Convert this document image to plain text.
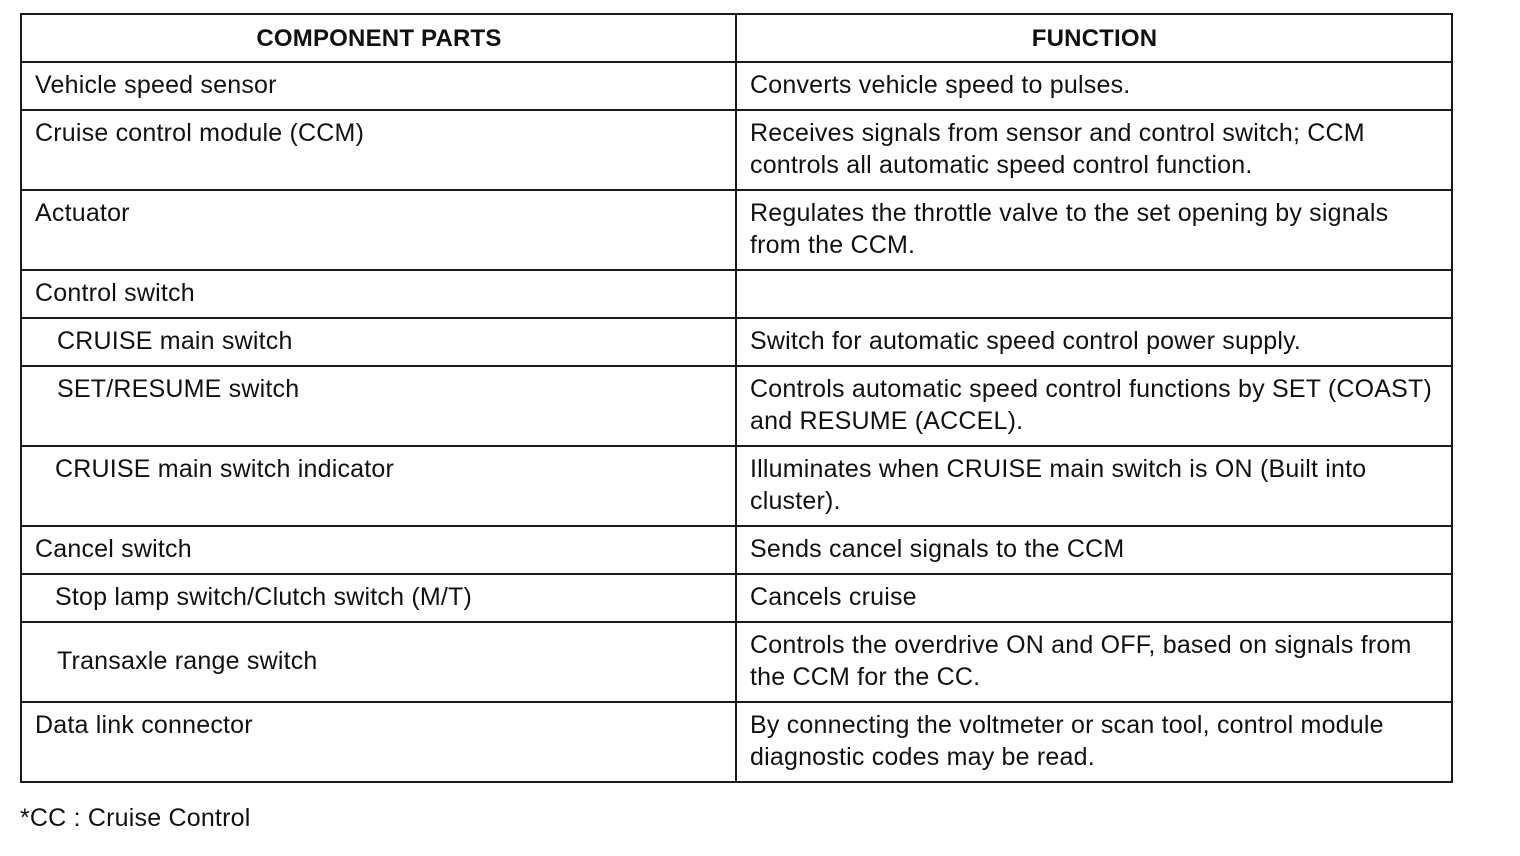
COMPONENT PARTS	FUNCTION
Vehicle speed sensor	Converts vehicle speed to pulses.
Cruise control module (CCM)	Receives signals from sensor and control switch; CCM controls all automatic speed control function.
Actuator	Regulates the throttle valve to the set opening by signals from the CCM.
Control switch	
CRUISE main switch	Switch for automatic speed control power supply.
SET/RESUME switch	Controls automatic speed control functions by SET (COAST) and RESUME (ACCEL).
CRUISE main switch indicator	Illuminates when CRUISE main switch is ON (Built into cluster).
Cancel switch	Sends cancel signals to the CCM
Stop lamp switch/Clutch switch (M/T)	Cancels cruise
Transaxle range switch	Controls the overdrive ON and OFF, based on signals from the CCM for the CC.
Data link connector	By connecting the voltmeter or scan tool, control module diagnostic codes may be read.
*CC : Cruise Control
